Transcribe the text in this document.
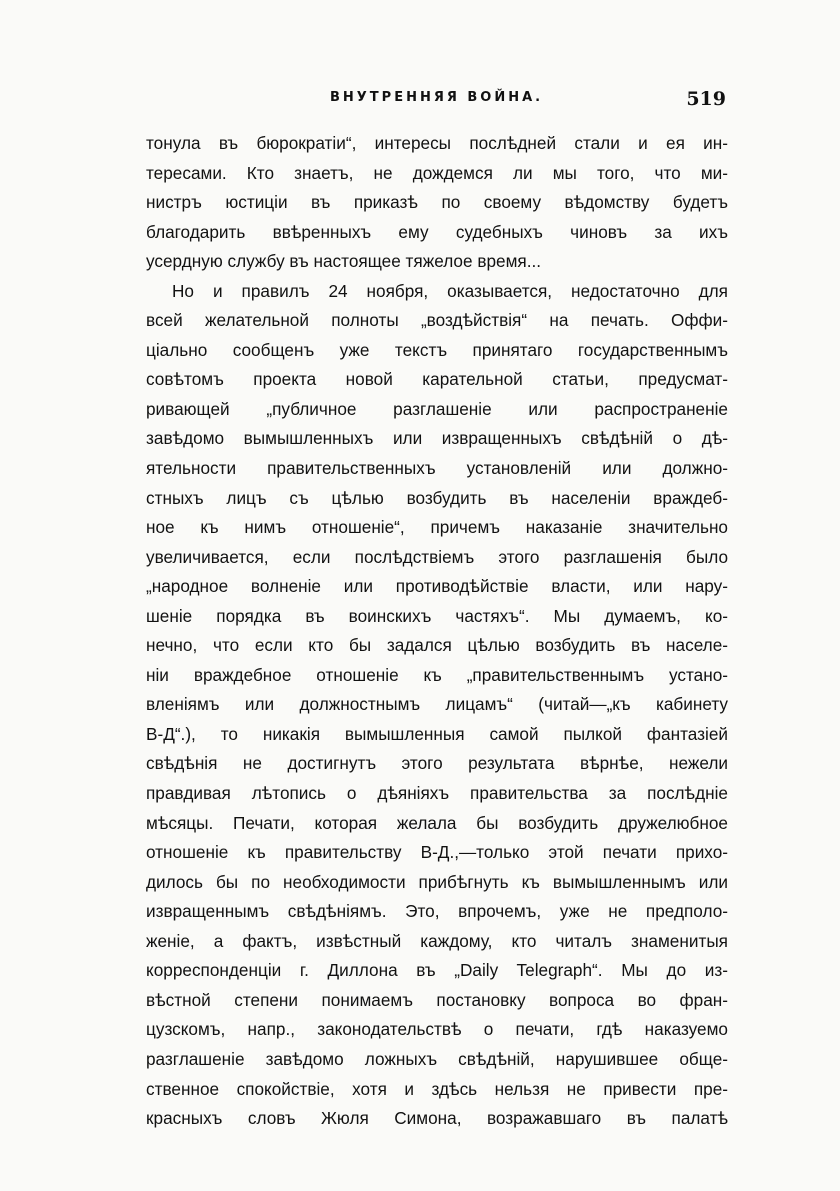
ВНУТРЕННЯЯ ВОЙНА.	519
тонула въ бюрократіи“, интересы послѣдней стали и ея ин-
тересами. Кто знаетъ, не дождемся ли мы того, что ми-
нистръ юстиціи въ приказѣ по своему вѣдомству будетъ
благодарить ввѣренныхъ ему судебныхъ чиновъ за ихъ
усердную службу въ настоящее тяжелое время...
Но и правилъ 24 ноября, оказывается, недостаточно для
всей желательной полноты „воздѣйствія“ на печать. Оффи-
ціально сообщенъ уже текстъ принятаго государственнымъ
совѣтомъ проекта новой карательной статьи, предусмат-
ривающей „публичное разглашеніе или распространеніе
завѣдомо вымышленныхъ или извращенныхъ свѣдѣній о дѣ-
ятельности правительственныхъ установленій или должно-
стныхъ лицъ съ цѣлью возбудить въ населеніи враждеб-
ное къ нимъ отношеніе“, причемъ наказаніе значительно
увеличивается, если послѣдствіемъ этого разглашенія было
„народное волненіе или противодѣйствіе власти, или нару-
шеніе порядка въ воинскихъ частяхъ“. Мы думаемъ, ко-
нечно, что если кто бы задался цѣлью возбудить въ населе-
ніи враждебное отношеніе къ „правительственнымъ устано-
вленіямъ или должностнымъ лицамъ“ (читай—„къ кабинету
В-Д“.), то никакія вымышленныя самой пылкой фантазіей
свѣдѣнія не достигнутъ этого результата вѣрнѣе, нежели
правдивая лѣтопись о дѣяніяхъ правительства за послѣдніе
мѣсяцы. Печати, которая желала бы возбудить дружелюбное
отношеніе къ правительству В-Д.,—только этой печати прихо-
дилось бы по необходимости прибѣгнуть къ вымышленнымъ или
извращеннымъ свѣдѣніямъ. Это, впрочемъ, уже не предполо-
женіе, а фактъ, извѣстный каждому, кто читалъ знаменитыя
корреспонденціи г. Диллона въ „Daily Telegraph“. Мы до из-
вѣстной степени понимаемъ постановку вопроса во фран-
цузскомъ, напр., законодательствѣ о печати, гдѣ наказуемо
разглашеніе завѣдомо ложныхъ свѣдѣній, нарушившее обще-
ственное спокойствіе, хотя и здѣсь нельзя не привести пре-
красныхъ словъ Жюля Симона, возражавшаго въ палатѣ
